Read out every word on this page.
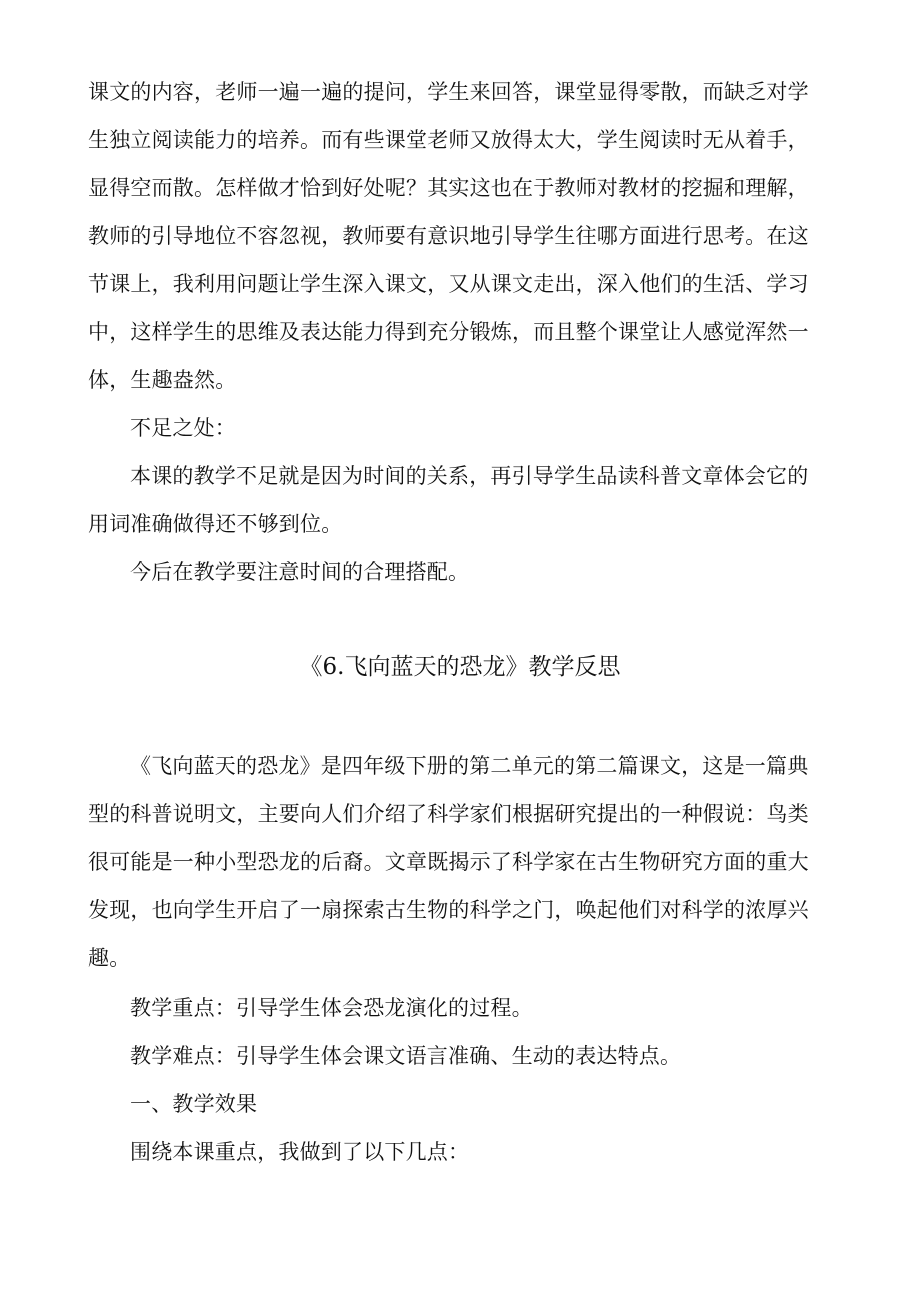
课文的内容，老师一遍一遍的提问，学生来回答，课堂显得零散，而缺乏对学
生独立阅读能力的培养。而有些课堂老师又放得太大，学生阅读时无从着手，
显得空而散。怎样做才恰到好处呢？其实这也在于教师对教材的挖掘和理解，
教师的引导地位不容忽视，教师要有意识地引导学生往哪方面进行思考。在这
节课上，我利用问题让学生深入课文，又从课文走出，深入他们的生活、学习
中，这样学生的思维及表达能力得到充分锻炼，而且整个课堂让人感觉浑然一
体，生趣盎然。
不足之处：
本课的教学不足就是因为时间的关系，再引导学生品读科普文章体会它的
用词准确做得还不够到位。
今后在教学要注意时间的合理搭配。
《6.飞向蓝天的恐龙》教学反思
《飞向蓝天的恐龙》是四年级下册的第二单元的第二篇课文，这是一篇典
型的科普说明文，主要向人们介绍了科学家们根据研究提出的一种假说：鸟类
很可能是一种小型恐龙的后裔。文章既揭示了科学家在古生物研究方面的重大
发现，也向学生开启了一扇探索古生物的科学之门，唤起他们对科学的浓厚兴
趣。
教学重点：引导学生体会恐龙演化的过程。
教学难点：引导学生体会课文语言准确、生动的表达特点。
一、教学效果
围绕本课重点，我做到了以下几点：
